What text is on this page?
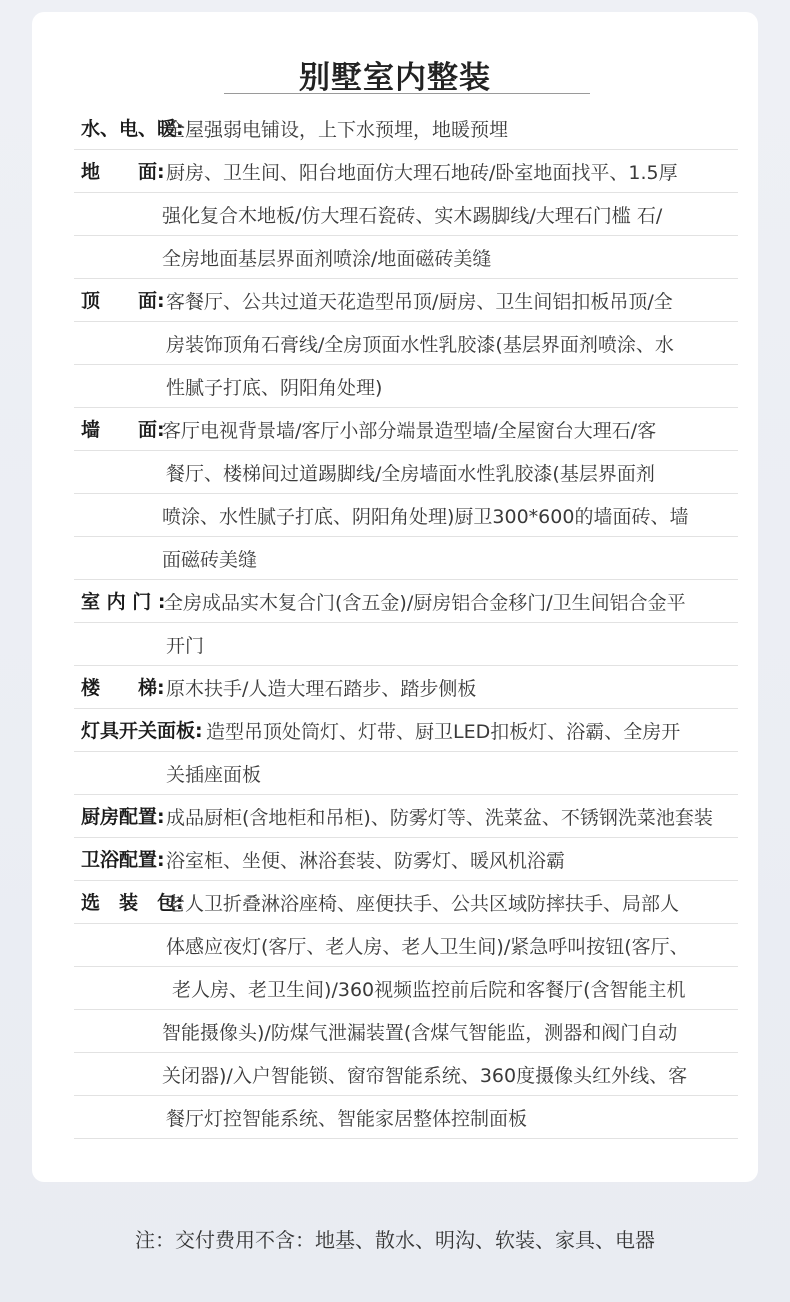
别墅室内整装
水、电、暖:
全屋强弱电铺设，上下水预埋，地暖预埋
地　　面: 厨房、卫生间、阳台地面仿大理石地砖/卧室地面找平、1.5厚
强化复合木地板/仿大理石瓷砖、实木踢脚线/大理石门槛 石/
全房地面基层界面剂喷涂/地面磁砖美缝
顶　　面: 客餐厅、公共过道天花造型吊顶/厨房、卫生间铝扣板吊顶/全
房装饰顶角石膏线/全房顶面水性乳胶漆(基层界面剂喷涂、水
性腻子打底、阴阳角处理)
墙　　面:
客厅电视背景墙/客厅小部分端景造型墙/全屋窗台大理石/客
餐厅、楼梯间过道踢脚线/全房墙面水性乳胶漆(基层界面剂
喷涂、水性腻子打底、阴阳角处理)厨卫300*600的墙面砖、墙
面磁砖美缝
室 内 门 :
全房成品实木复合门(含五金)/厨房铝合金移门/卫生间铝合金平
开门
楼　　梯: 原木扶手/人造大理石踏步、踏步侧板
灯具开关面板: 造型吊顶处筒灯、灯带、厨卫LED扣板灯、浴霸、全房开
关插座面板
厨房配置: 成品厨柜(含地柜和吊柜)、防雾灯等、洗菜盆、不锈钢洗菜池套装
卫浴配置: 浴室柜、坐便、淋浴套装、防雾灯、暖风机浴霸
选　装　包:
老人卫折叠淋浴座椅、座便扶手、公共区域防摔扶手、局部人
体感应夜灯(客厅、老人房、老人卫生间)/紧急呼叫按钮(客厅、
老人房、老卫生间)/360视频监控前后院和客餐厅(含智能主机
智能摄像头)/防煤气泄漏装置(含煤气智能监，测器和阀门自动
关闭器)/入户智能锁、窗帘智能系统、360度摄像头红外线、客
餐厅灯控智能系统、智能家居整体控制面板
注：交付费用不含：地基、散水、明沟、软装、家具、电器
